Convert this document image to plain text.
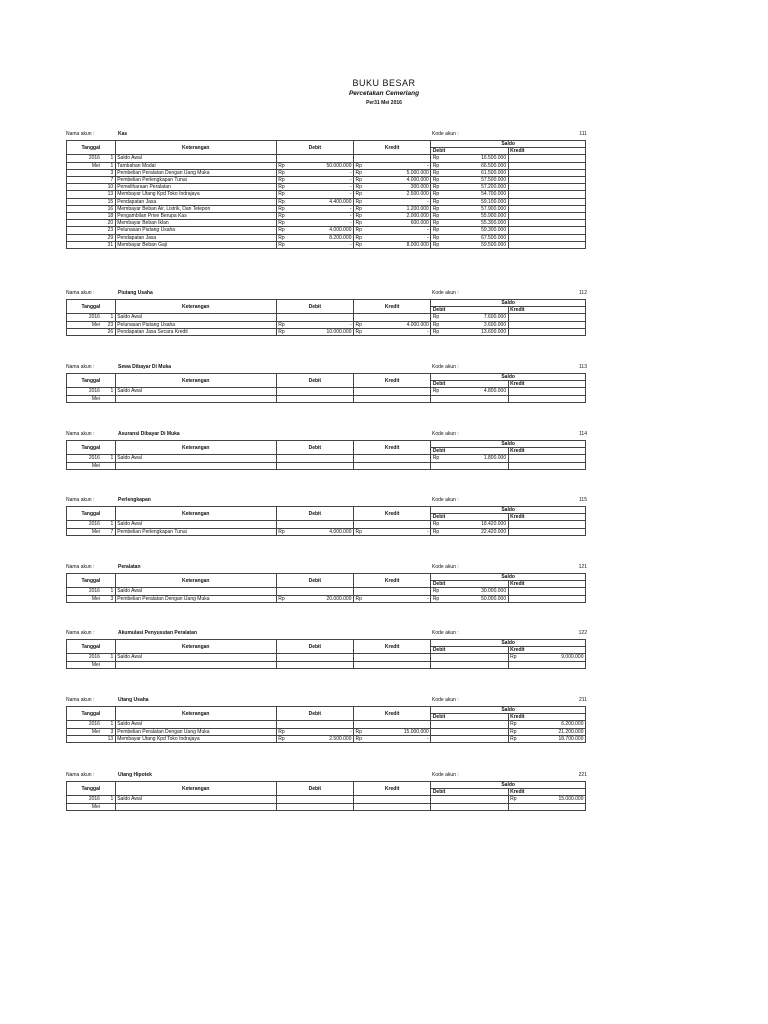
BUKU BESAR
Percetakan Cemerlang
Per31 Mei 2016
Nama akun :	Kas	Kode akun :	111
Tanggal		Keterangan	Debit		Kredit		Saldo			
							Debit		Kredit	
2016	1	Saldo Awal					Rp	16.500.000		
Mei	1	Tambahan Modal	Rp	50.000.000	Rp	-	Rp	66.500.000		
	3	Pembelian Peralatan Dengan Uang Muka	Rp	-	Rp	5.000.000	Rp	61.500.000		
	7	Pembelian Perlengkapan Tunai	Rp	-	Rp	4.000.000	Rp	57.500.000		
	10	Pemeliharaan Peralatan	Rp	-	Rp	300.000	Rp	57.200.000		
	13	Membayar Utang Kpd Toko Indrajaya	Rp	-	Rp	2.500.000	Rp	54.700.000		
	15	Pendapatan Jasa	Rp	4.400.000	Rp	-	Rp	59.100.000		
	16	Membayar Beban Air, Listrik, Dan Telepon	Rp	-	Rp	1.200.000	Rp	57.900.000		
	18	Pengambilan Prive Berupa Kas	Rp	-	Rp	2.000.000	Rp	55.900.000		
	20	Membayar Beban Iklan	Rp	-	Rp	600.000	Rp	55.300.000		
	23	Pelunasan Piutang Usaha	Rp	4.000.000	Rp	-	Rp	59.300.000		
	29	Pendapatan Jasa	Rp	8.200.000	Rp	-	Rp	67.500.000		
	31	Membayar Beban Gaji	Rp	-	Rp	8.000.000	Rp	59.500.000		
Nama akun :	Piutang Usaha	Kode akun :	112
Tanggal		Keterangan	Debit		Kredit		Saldo			
							Debit		Kredit	
2016	1	Saldo Awal					Rp	7.600.000		
Mei	23	Pelunasan Piutang Usaha	Rp	-	Rp	4.000.000	Rp	3.600.000		
	26	Pendapatan Jasa Secara Kredit	Rp	10.000.000	Rp	-	Rp	13.600.000		
Nama akun :	Sewa Dibayar Di Muka	Kode akun :	113
Tanggal		Keterangan	Debit		Kredit		Saldo			
							Debit		Kredit	
2016	1	Saldo Awal					Rp	4.800.000		
Mei										
Nama akun :	Asuransi Dibayar Di Muka	Kode akun :	114
Tanggal		Keterangan	Debit		Kredit		Saldo			
							Debit		Kredit	
2016	1	Saldo Awal					Rp	1.800.000		
Mei										
Nama akun :	Perlengkapan	Kode akun :	115
Tanggal		Keterangan	Debit		Kredit		Saldo			
							Debit		Kredit	
2016	1	Saldo Awal					Rp	18.420.000		
Mei	7	Pembelian Perlengkapan Tunai	Rp	4.000.000	Rp	-	Rp	22.420.000		
Nama akun :	Peralatan	Kode akun :	121
Tanggal		Keterangan	Debit		Kredit		Saldo			
							Debit		Kredit	
2016	1	Saldo Awal					Rp	30.000.000		
Mei	3	Pembelian Peralatan Dengan Uang Muka	Rp	20.000.000	Rp	-	Rp	50.000.000		
Nama akun :	Akumulasi Penyusutan Peralatan	Kode akun :	122
Tanggal		Keterangan	Debit		Kredit		Saldo			
							Debit		Kredit	
2016	1	Saldo Awal							Rp	9.000.000
Mei										
Nama akun :	Utang Usaha	Kode akun :	211
Tanggal		Keterangan	Debit		Kredit		Saldo			
							Debit		Kredit	
2016	1	Saldo Awal							Rp	6.200.000
Mei	3	Pembelian Peralatan Dengan Uang Muka	Rp	-	Rp	15.000.000			Rp	21.200.000
	13	Membayar Utang Kpd Toko Indrajaya	Rp	2.500.000	Rp	-			Rp	18.700.000
Nama akun :	Utang Hipotek	Kode akun :	221
Tanggal		Keterangan	Debit		Kredit		Saldo			
							Debit		Kredit	
2016	1	Saldo Awal							Rp	15.000.000
Mei										
